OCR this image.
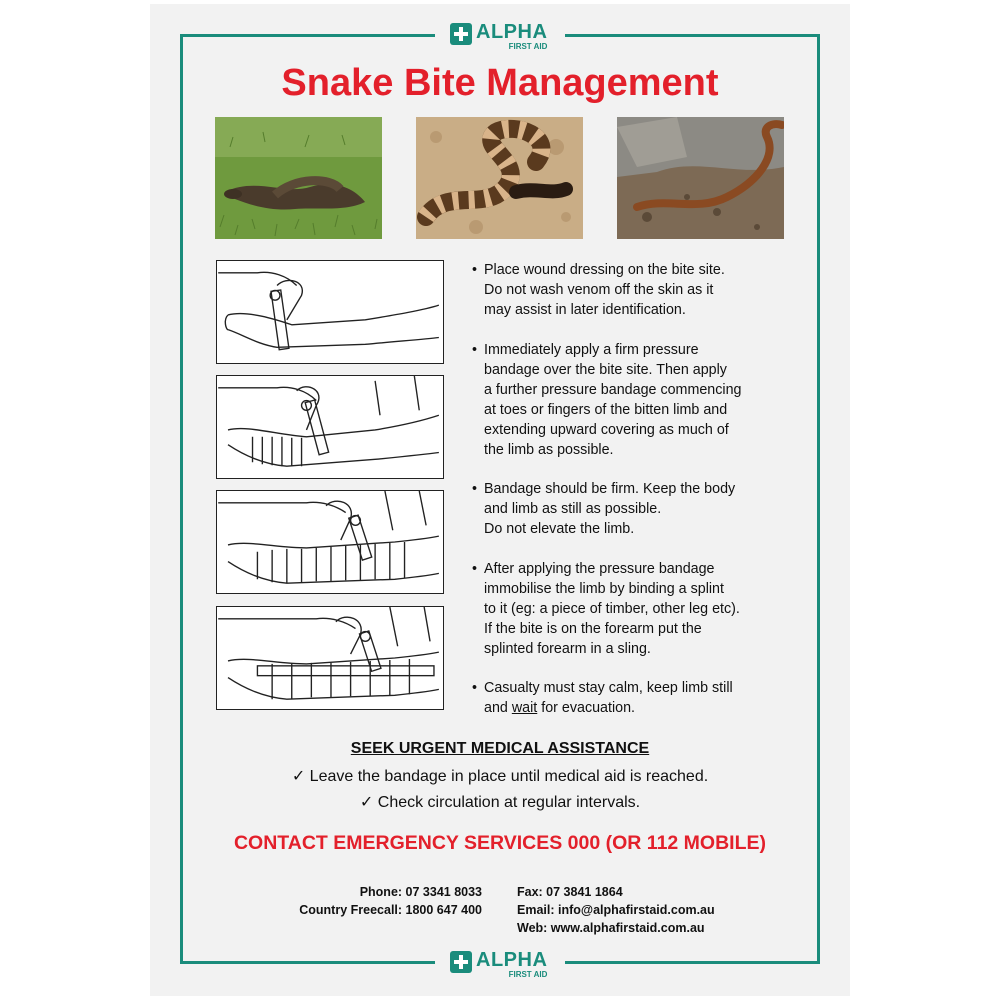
ALPHA
FIRST AID
Snake Bite Management
• Place wound dressing on the bite site.

Do not wash venom off the skin as it

may assist in later identification.

• Immediately apply a firm pressure

bandage over the bite site. Then apply

a further pressure bandage commencing

at toes or fingers of the bitten limb and

extending upward covering as much of

the limb as possible.

• Bandage should be firm. Keep the body

and limb as still as possible.

Do not elevate the limb.

• After applying the pressure bandage

immobilise the limb by binding a splint

to it (eg: a piece of timber, other leg etc).

If the bite is on the forearm put the

splinted forearm in a sling.

• Casualty must stay calm, keep limb still

and wait for evacuation.

SEEK URGENT MEDICAL ASSISTANCE
✓ Leave the bandage in place until medical aid is reached.
✓ Check circulation at regular intervals.
CONTACT EMERGENCY SERVICES 000 (OR 112 MOBILE)
Phone: 07 3341 8033
Country Freecall: 1800 647 400
Fax: 07 3841 1864
Email: info@alphafirstaid.com.au
Web: www.alphafirstaid.com.au
ALPHA
FIRST AID
